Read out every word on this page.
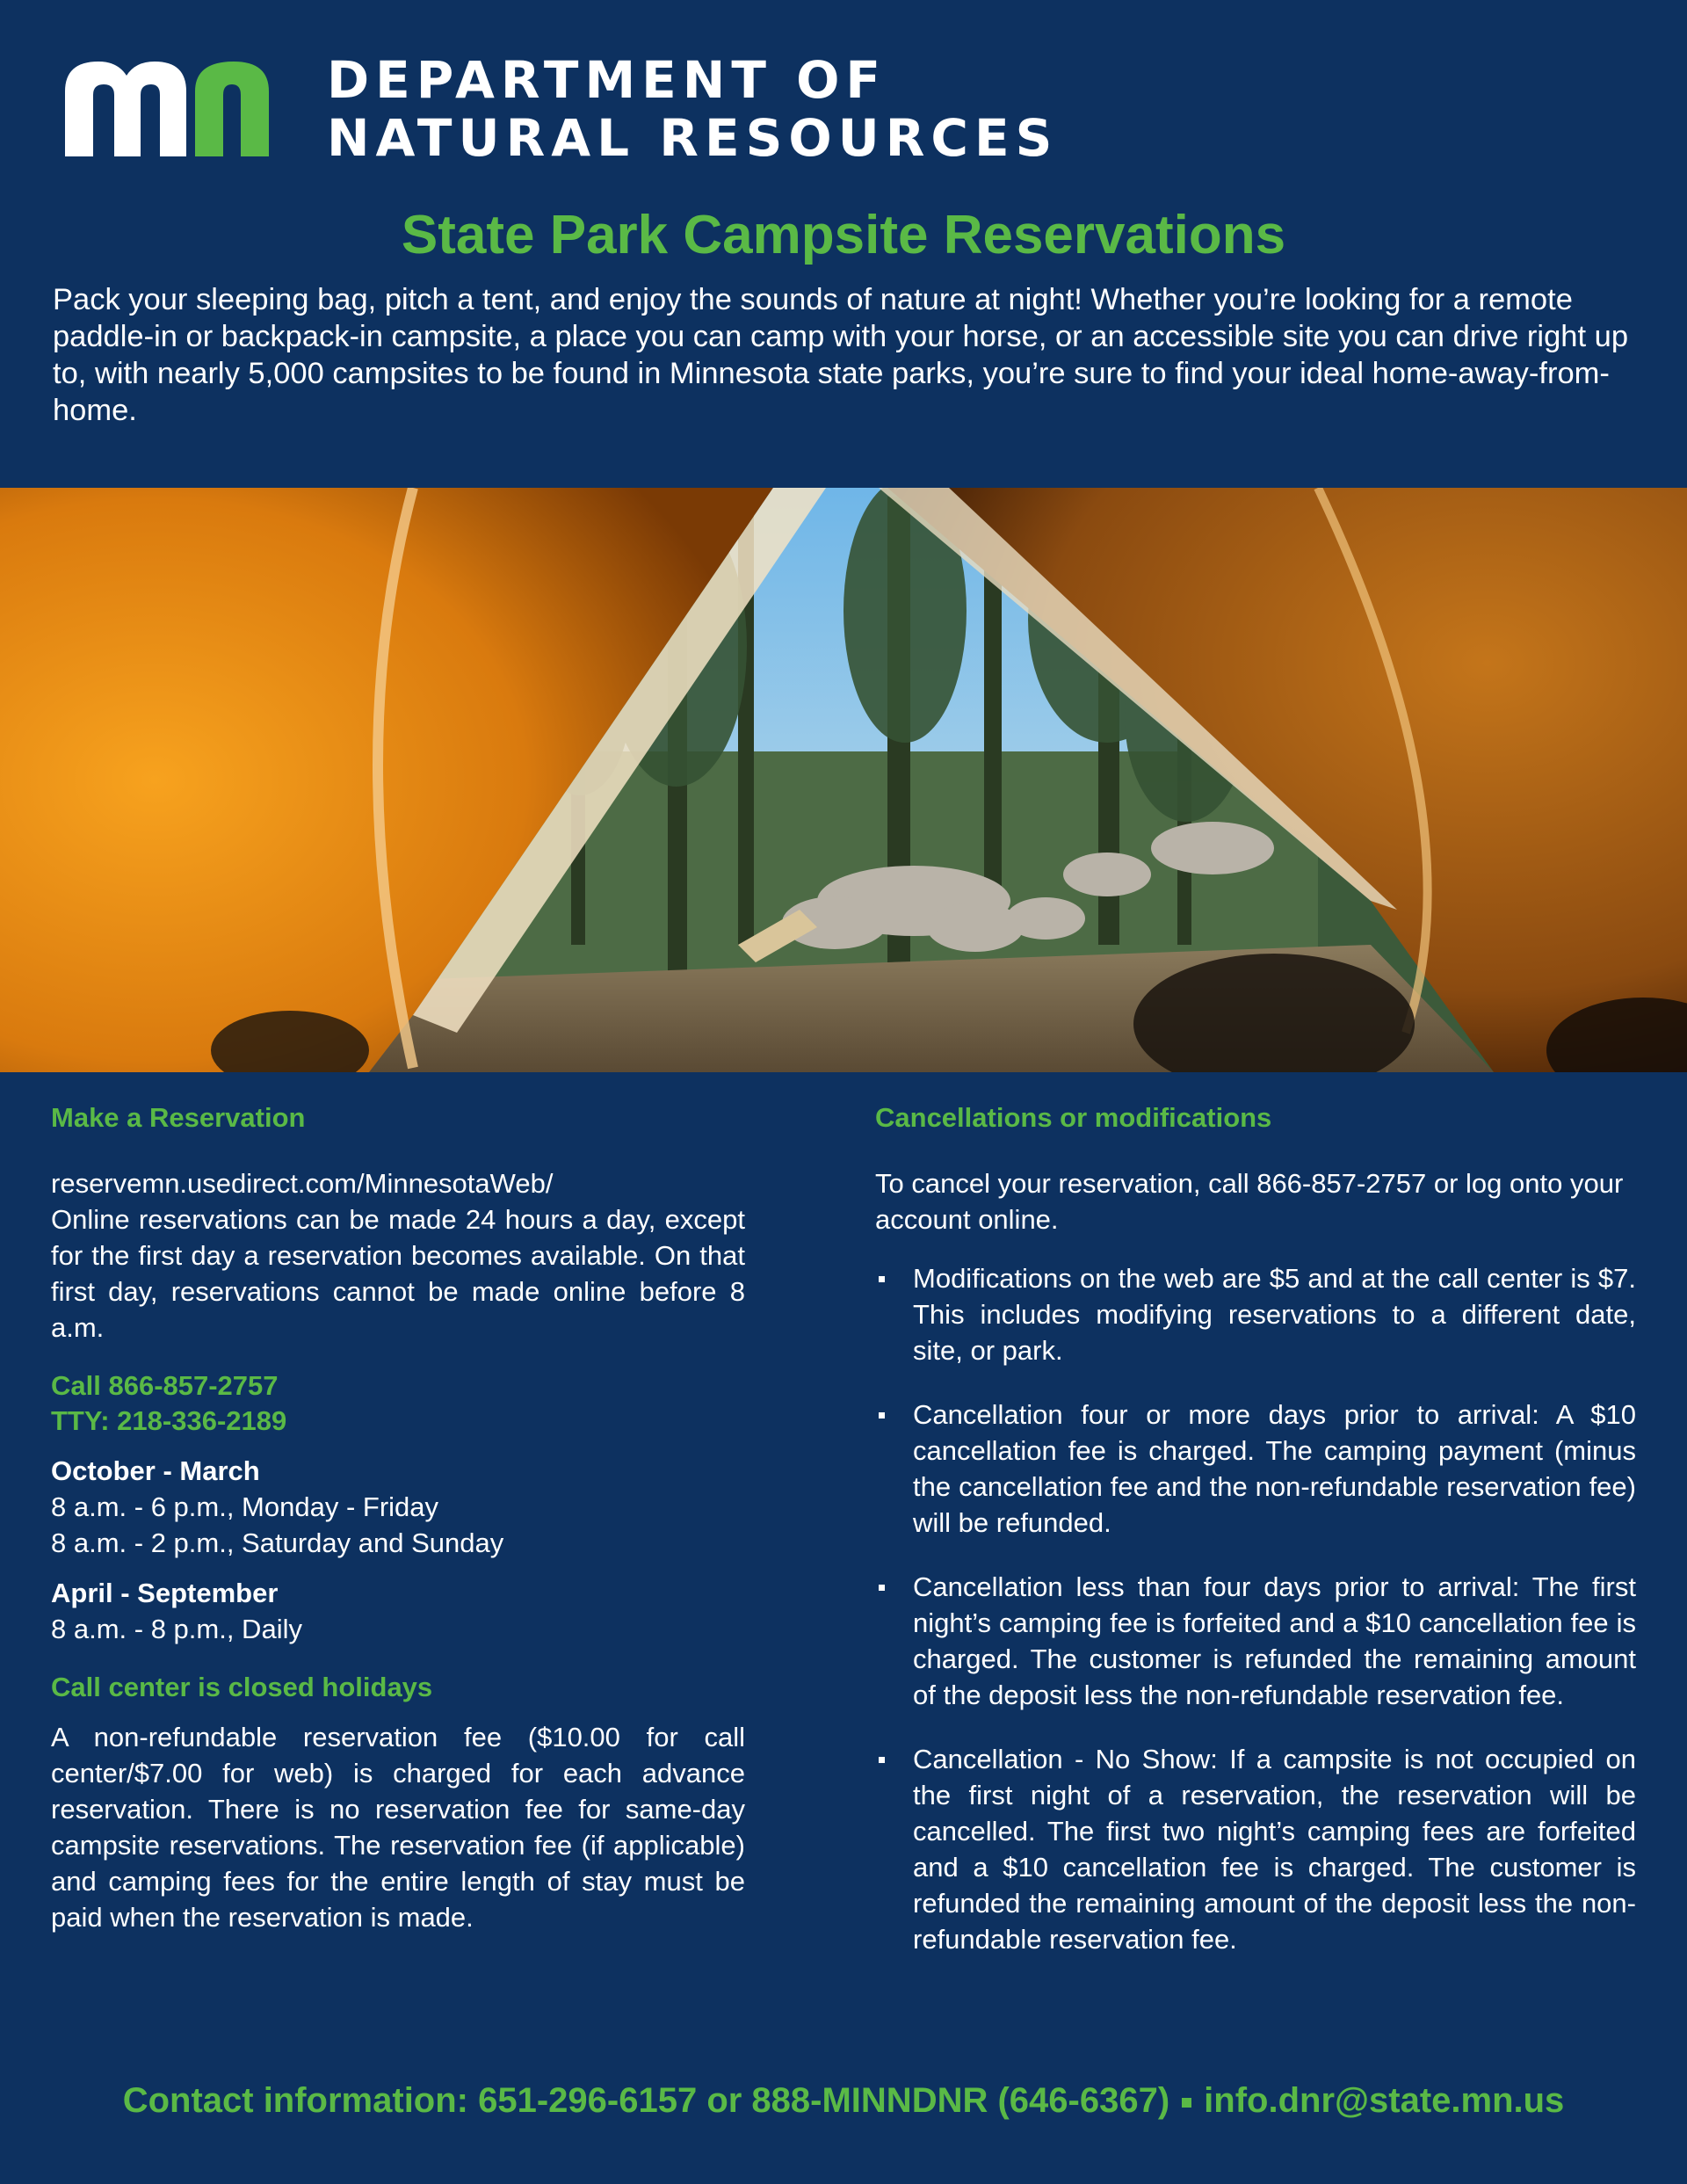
DEPARTMENT OF
NATURAL RESOURCES
State Park Campsite Reservations
Pack your sleeping bag, pitch a tent, and enjoy the sounds of nature at night! Whether you’re looking for a remote paddle-in or backpack-in campsite, a place you can camp with your horse, or an accessible site you can drive right up to, with nearly 5,000 campsites to be found in Minnesota state parks, you’re sure to find your ideal home-away-from-home.

Make a Reservation

reservemn.usedirect.com/MinnesotaWeb/

Online reservations can be made 24 hours a day, except for the first day a reservation becomes available. On that first day, reservations cannot be made online before 8 a.m.

Call 866-857-2757

TTY: 218-336-2189

October - March

8 a.m. - 6 p.m., Monday - Friday

8 a.m. - 2 p.m., Saturday and Sunday

April - September

8 a.m. - 8 p.m., Daily

Call center is closed holidays

A non-refundable reservation fee ($10.00 for call center/$7.00 for web) is charged for each advance reservation. There is no reservation fee for same-day campsite reservations. The reservation fee (if applicable) and camping fees for the entire length of stay must be paid when the reservation is made.

Cancellations or modifications

To cancel your reservation, call 866-857-2757 or log onto your account online.

Modifications on the web are $5 and at the call center is $7. This includes modifying reservations to a different date, site, or park.
Cancellation four or more days prior to arrival: A $10 cancellation fee is charged. The camping payment (minus the cancellation fee and the non-refundable reservation fee) will be refunded.
Cancellation less than four days prior to arrival: The first night’s camping fee is forfeited and a $10 cancellation fee is charged. The customer is refunded the remaining amount of the deposit less the non-refundable reservation fee.
Cancellation - No Show: If a campsite is not occupied on the first night of a reservation, the reservation will be cancelled. The first two night’s camping fees are forfeited and a $10 cancellation fee is charged. The customer is refunded the remaining amount of the deposit less the non-refundable reservation fee.
Contact information: 651-296-6157 or 888-MINNDNR (646-6367) info.dnr@state.mn.us
